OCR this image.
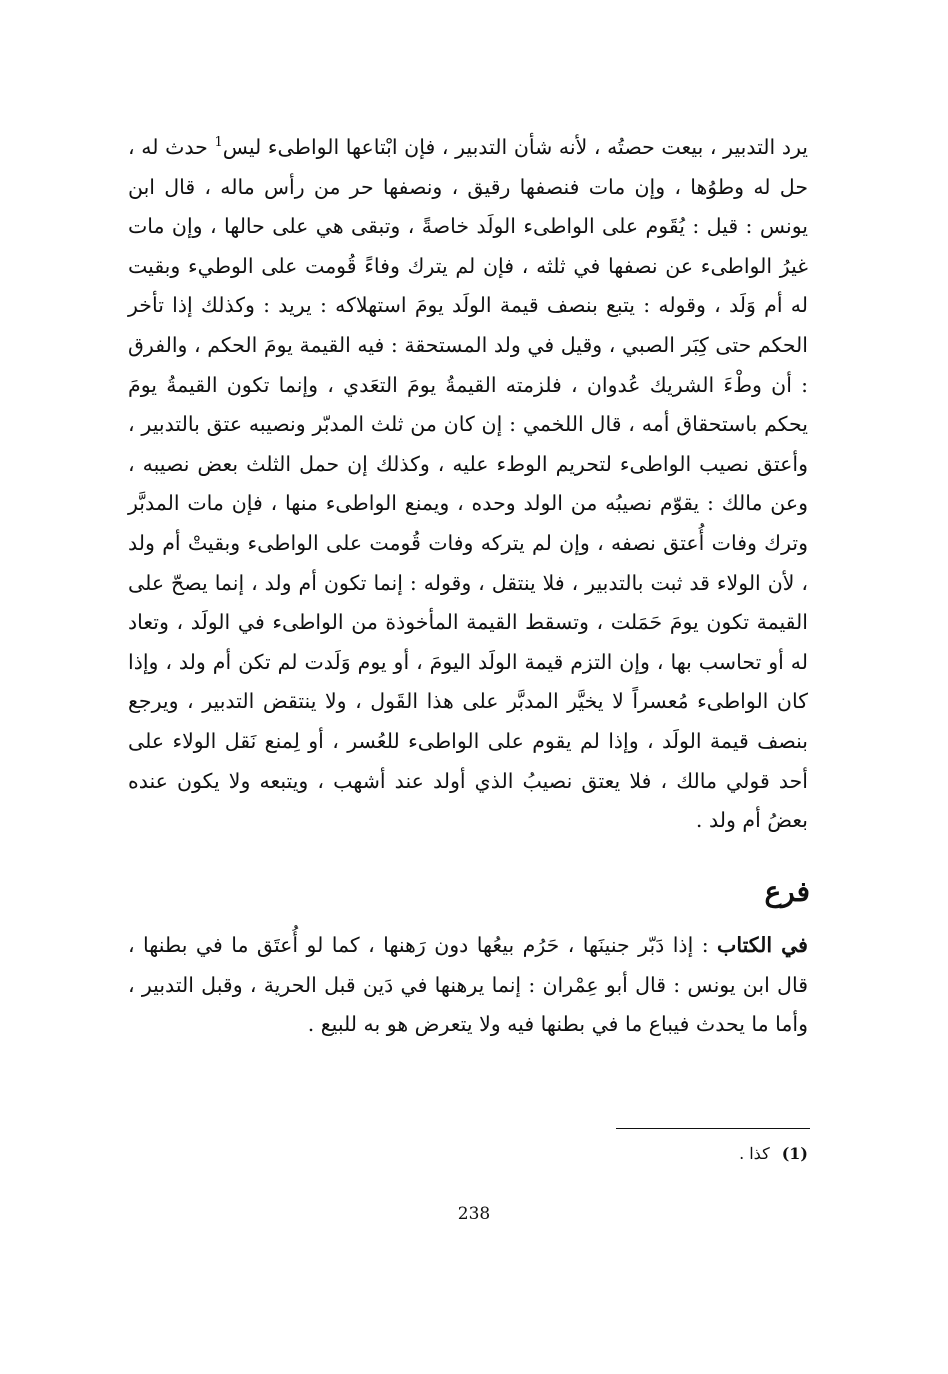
يرد التدبير ، بيعت حصتُه ، لأنه شأن التدبير ، فإن ابْتاعها الواطىء ليس$^1$ حدث له ، حل له وطوُها ، وإن مات فنصفها رقيق ، ونصفها حر من رأس ماله ، قال ابن يونس : قيل : يُقَوم على الواطىء الولَد خاصةً ، وتبقى هي على حالها ، وإن مات غيرُ الواطىء عن نصفها في ثلثه ، فإن لم يترك وفاءً قُومت على الوطيء وبقيت له أم وَلَد ، وقوله : يتبع بنصف قيمة الولَد يومَ استهلاكه : يريد : وكذلك إذا تأخر الحكم حتى كِبَر الصبي ، وقيل في ولد المستحقة : فيه القيمة يومَ الحكم ، والفرق : أن وطْءَ الشريك عُدوان ، فلزمته القيمةُ يومَ التعَدي ، وإنما تكون القيمةُ يومَ يحكم باستحقاق أمه ، قال اللخمي : إن كان من ثلث المدبّر ونصيبه عتق بالتدبير ، وأعتق نصيب الواطىء لتحريم الوطء عليه ، وكذلك إن حمل الثلث بعض نصيبه ، وعن مالك : يقوّم نصيبُه من الولد وحده ، ويمنع الواطىء منها ، فإن مات المدبَّر وترك وفات أُعتق نصفه ، وإن لم يتركه وفات قُومت على الواطىء وبقيتْ أم ولد ، لأن الولاء قد ثبت بالتدبير ، فلا ينتقل ، وقوله : إنما تكون أم ولد ، إنما يصحّ على القيمة تكون يومَ حَمَلت ، وتسقط القيمة المأخوذة من الواطىء في الولَد ، وتعاد له أو تحاسب بها ، وإن التزم قيمة الولَد اليومَ ، أو يوم وَلَدت لم تكن أم ولد ، وإذا كان الواطىء مُعسراً لا يخيَّر المدبَّر على هذا القَول ، ولا ينتقض التدبير ، ويرجع بنصف قيمة الولَد ، وإذا لم يقوم على الواطىء للعُسر ، أو لِمنع نَقل الولاء على أحد قولي مالك ، فلا يعتق نصيبُ الذي أولد عند أشهب ، ويتبعه ولا يكون عنده بعضُ أم ولد .

فرع

في الكتاب : إذا دَبّر جنينَها ، حَرُم بيعُها دون رَهنها ، كما لو أُعتَق ما في بطنها ، قال ابن يونس : قال أبو عِمْران : إنما يرهنها في دَين قبل الحرية ، وقبل التدبير ، وأما ما يحدث فيباع ما في بطنها فيه ولا يتعرض هو به للبيع .

(1)كذا .

238
